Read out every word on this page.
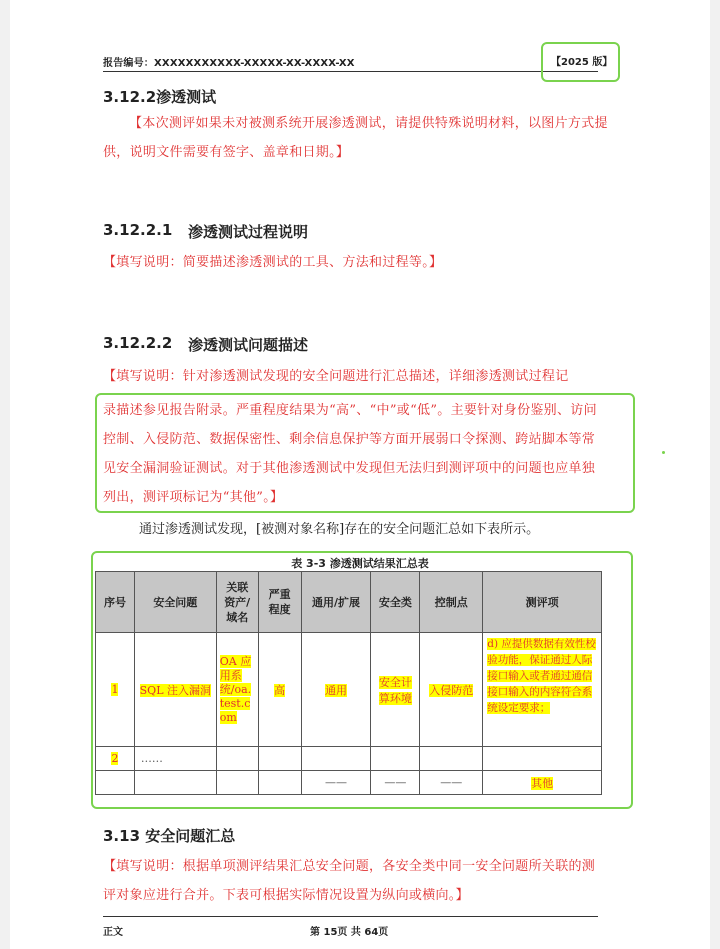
报告编号：XXXXXXXXXXX-XXXXX-XX-XXXX-XX	【2025 版】
3.12.2渗透测试
【本次测评如果未对被测系统开展渗透测试，请提供特殊说明材料，以图片方式提供，说明文件需要有签字、盖章和日期。】
3.12.2.1 渗透测试过程说明
【填写说明：简要描述渗透测试的工具、方法和过程等。】
3.12.2.2 渗透测试问题描述
【填写说明：针对渗透测试发现的安全问题进行汇总描述，详细渗透测试过程记
录描述参见报告附录。严重程度结果为“高”、“中”或“低”。主要针对身份鉴别、访问控制、入侵防范、数据保密性、剩余信息保护等方面开展弱口令探测、跨站脚本等常见安全漏洞验证测试。对于其他渗透测试中发现但无法归到测评项中的问题也应单独列出，测评项标记为“其他”。】
通过渗透测试发现，[被测对象名称]存在的安全问题汇总如下表所示。
表 3-3 渗透测试结果汇总表
序号	安全问题	关联资产/域名	严重程度	通用/扩展	安全类	控制点	测评项
1	SQL 注入漏洞	OA 应用系统/oa.test.com	高	通用	安全计算环境	入侵防范	d) 应提供数据有效性校验功能，保证通过人际接口输入或者通过通信接口输入的内容符合系统设定要求；
2	……						
				——	——	——	其他
3.13 安全问题汇总
【填写说明：根据单项测评结果汇总安全问题，各安全类中同一安全问题所关联的测评对象应进行合并。下表可根据实际情况设置为纵向或横向。】
正文	第 15页 共 64页
